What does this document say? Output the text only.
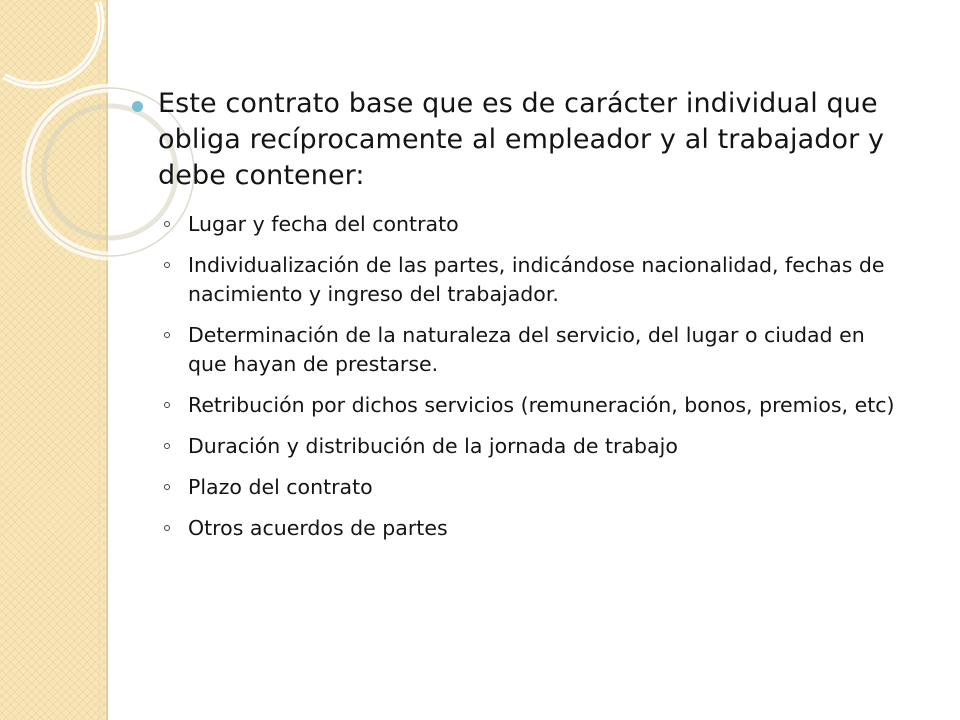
Este contrato base que es de carácter individual que obliga recíprocamente al empleador y al trabajador y debe contener:
Lugar y fecha del contrato
Individualización de las partes, indicándose nacionalidad, fechas de nacimiento y ingreso del trabajador.
Determinación de la naturaleza del servicio, del lugar o ciudad en que hayan de prestarse.
Retribución por dichos servicios (remuneración, bonos, premios, etc)
Duración y distribución de la jornada de trabajo
Plazo del contrato
Otros acuerdos de partes
